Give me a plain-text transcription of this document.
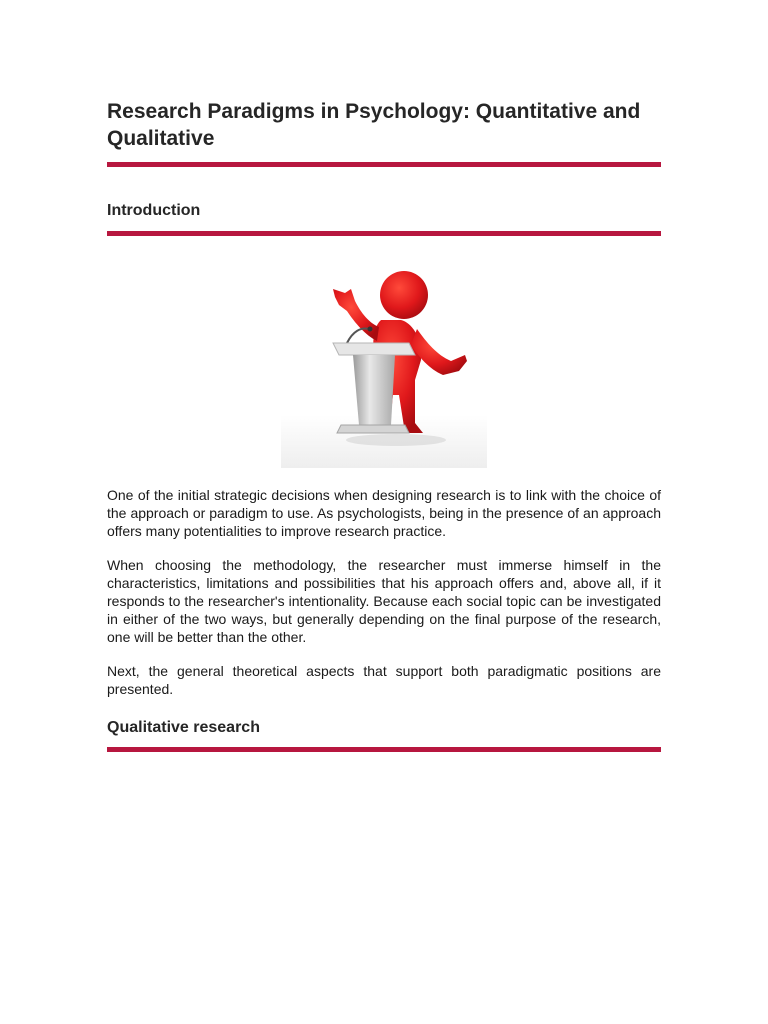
Research Paradigms in Psychology: Quantitative and Qualitative
Introduction

One of the initial strategic decisions when designing research is to link with the choice of the approach or paradigm to use. As psychologists, being in the presence of an approach offers many potentialities to improve research practice.

When choosing the methodology, the researcher must immerse himself in the characteristics, limitations and possibilities that his approach offers and, above all, if it responds to the researcher's intentionality. Because each social topic can be investigated in either of the two ways, but generally depending on the final purpose of the research, one will be better than the other.

Next, the general theoretical aspects that support both paradigmatic positions are presented.

Qualitative research
